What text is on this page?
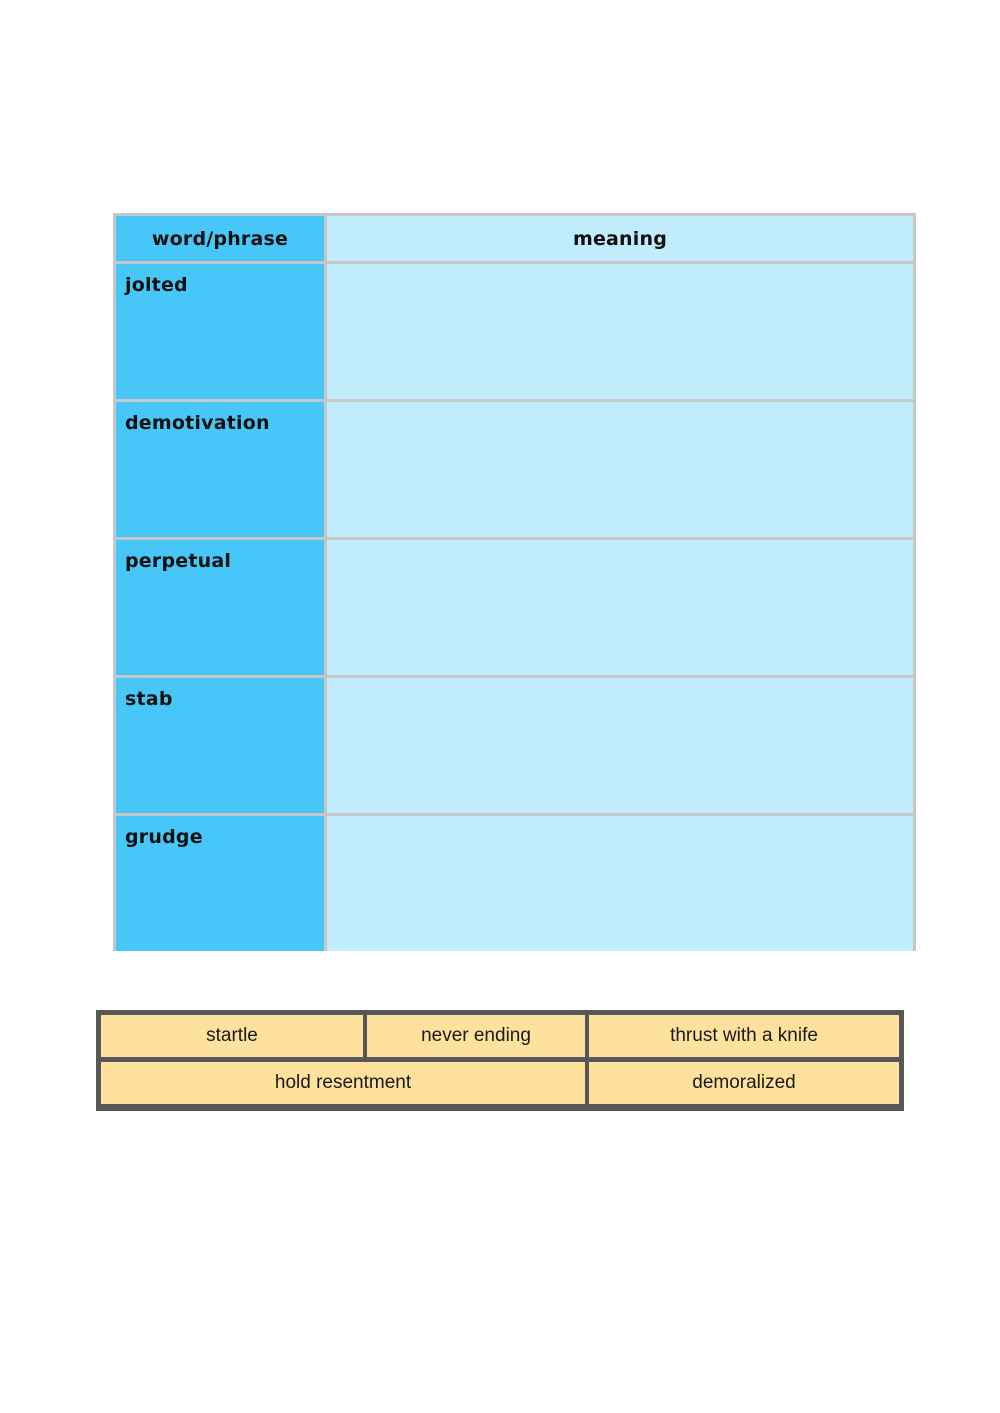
word/phrase	meaning
jolted
demotivation
perpetual
stab
grudge
startle	never ending	thrust with a knife
hold resentment	demoralized
